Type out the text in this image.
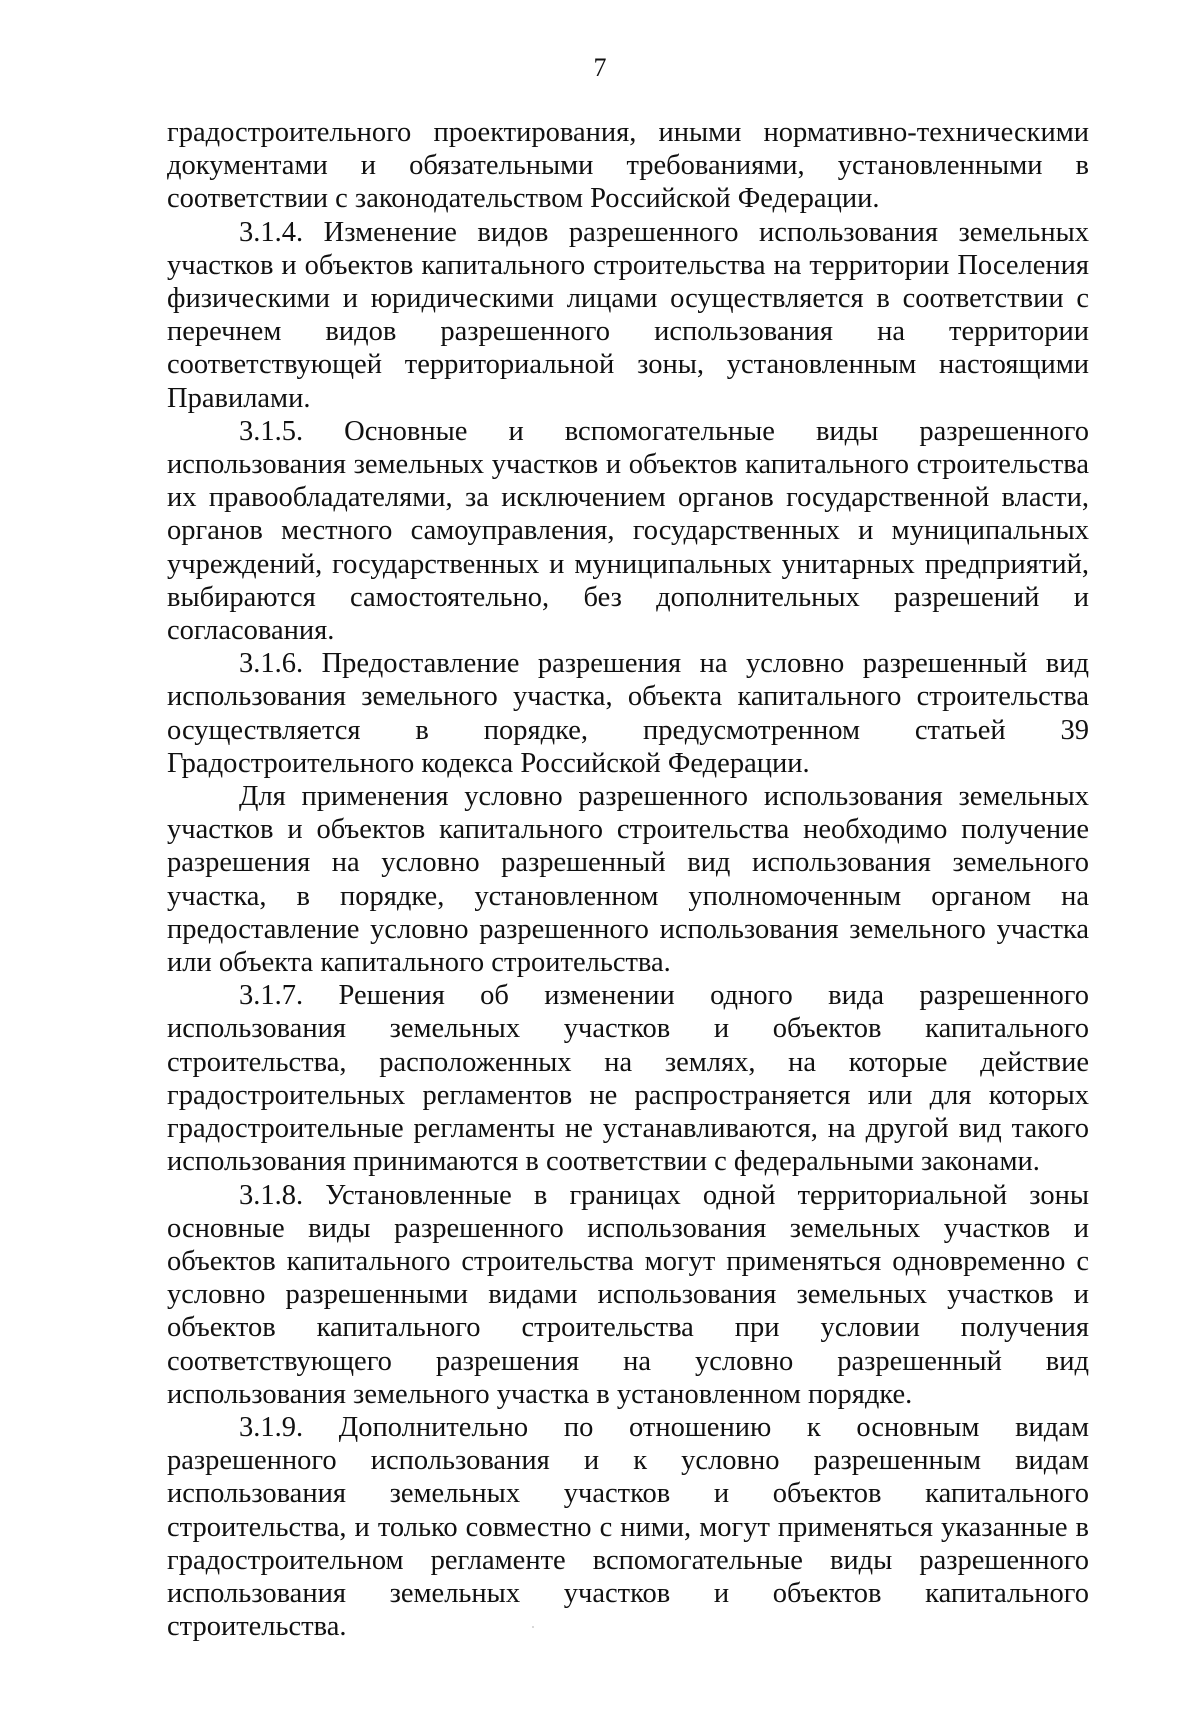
7

градостроительного проектирования, иными нормативно-техническими документами и обязательными требованиями, установленными в соответствии с законодательством Российской Федерации.

3.1.4. Изменение видов разрешенного использования земельных участков и объектов капитального строительства на территории Поселения физическими и юридическими лицами осуществляется в соответствии с перечнем видов разрешенного использования на территории соответствующей территориальной зоны, установленным настоящими Правилами.

3.1.5. Основные и вспомогательные виды разрешенного использования земельных участков и объектов капитального строительства их правообладателями, за исключением органов государственной власти, органов местного самоуправления, государственных и муниципальных учреждений, государственных и муниципальных унитарных предприятий, выбираются самостоятельно, без дополнительных разрешений и согласования.

3.1.6. Предоставление разрешения на условно разрешенный вид использования земельного участка, объекта капитального строительства осуществляется в порядке, предусмотренном статьей 39 Градостроительного кодекса Российской Федерации.

Для применения условно разрешенного использования земельных участков и объектов капитального строительства необходимо получение разрешения на условно разрешенный вид использования земельного участка, в порядке, установленном уполномоченным органом на предоставление условно разрешенного использования земельного участка или объекта капитального строительства.

3.1.7. Решения об изменении одного вида разрешенного использования земельных участков и объектов капитального строительства, расположенных на землях, на которые действие градостроительных регламентов не распространяется или для которых градостроительные регламенты не устанавливаются, на другой вид такого использования принимаются в соответствии с федеральными законами.

3.1.8. Установленные в границах одной территориальной зоны основные виды разрешенного использования земельных участков и объектов капитального строительства могут применяться одновременно с условно разрешенными видами использования земельных участков и объектов капитального строительства при условии получения соответствующего разрешения на условно разрешенный вид использования земельного участка в установленном порядке.

3.1.9. Дополнительно по отношению к основным видам разрешенного использования и к условно разрешенным видам использования земельных участков и объектов капитального строительства, и только совместно с ними, могут применяться указанные в градостроительном регламенте вспомогательные виды разрешенного использования земельных участков и объектов капитального строительства.
